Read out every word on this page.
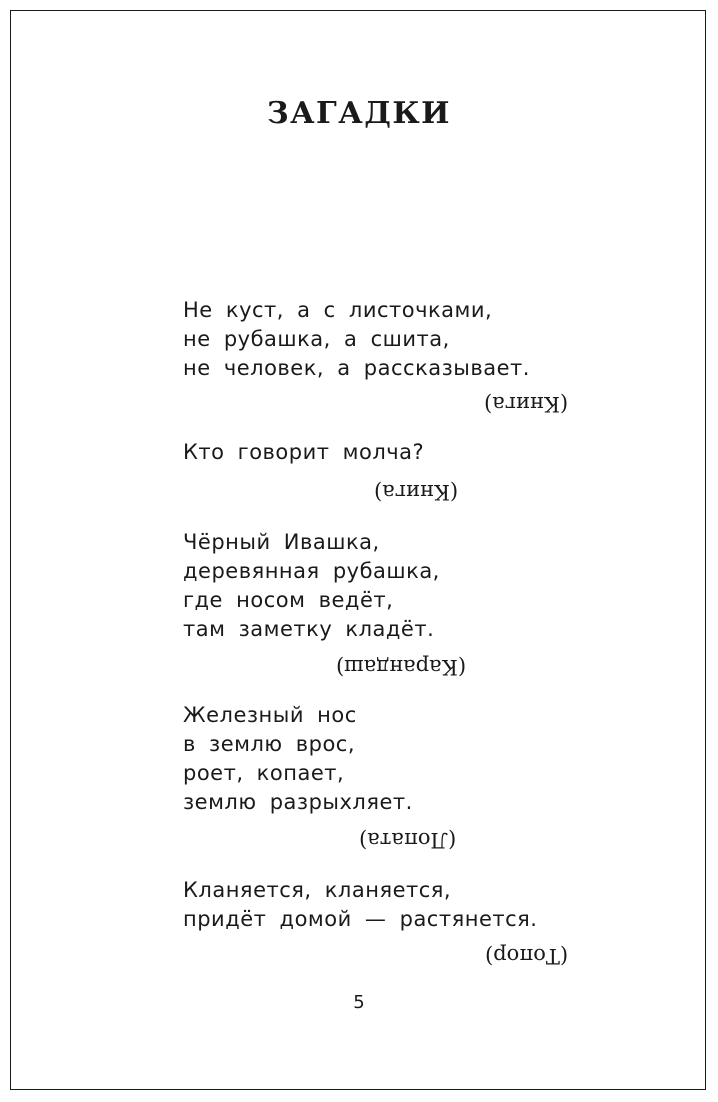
ЗАГАДКИ
Не куст, а с листочками,
не рубашка, а сшита,
не человек, а рассказывает.
(Книга)
Кто говорит молча?
(Книга)
Чёрный Ивашка,
деревянная рубашка,
где носом ведёт,
там заметку кладёт.
(Карандаш)
Железный нос
в землю врос,
роет, копает,
землю разрыхляет.
(Лопата)
Кланяется, кланяется,
придёт домой — растянется.
(Топор)
5
